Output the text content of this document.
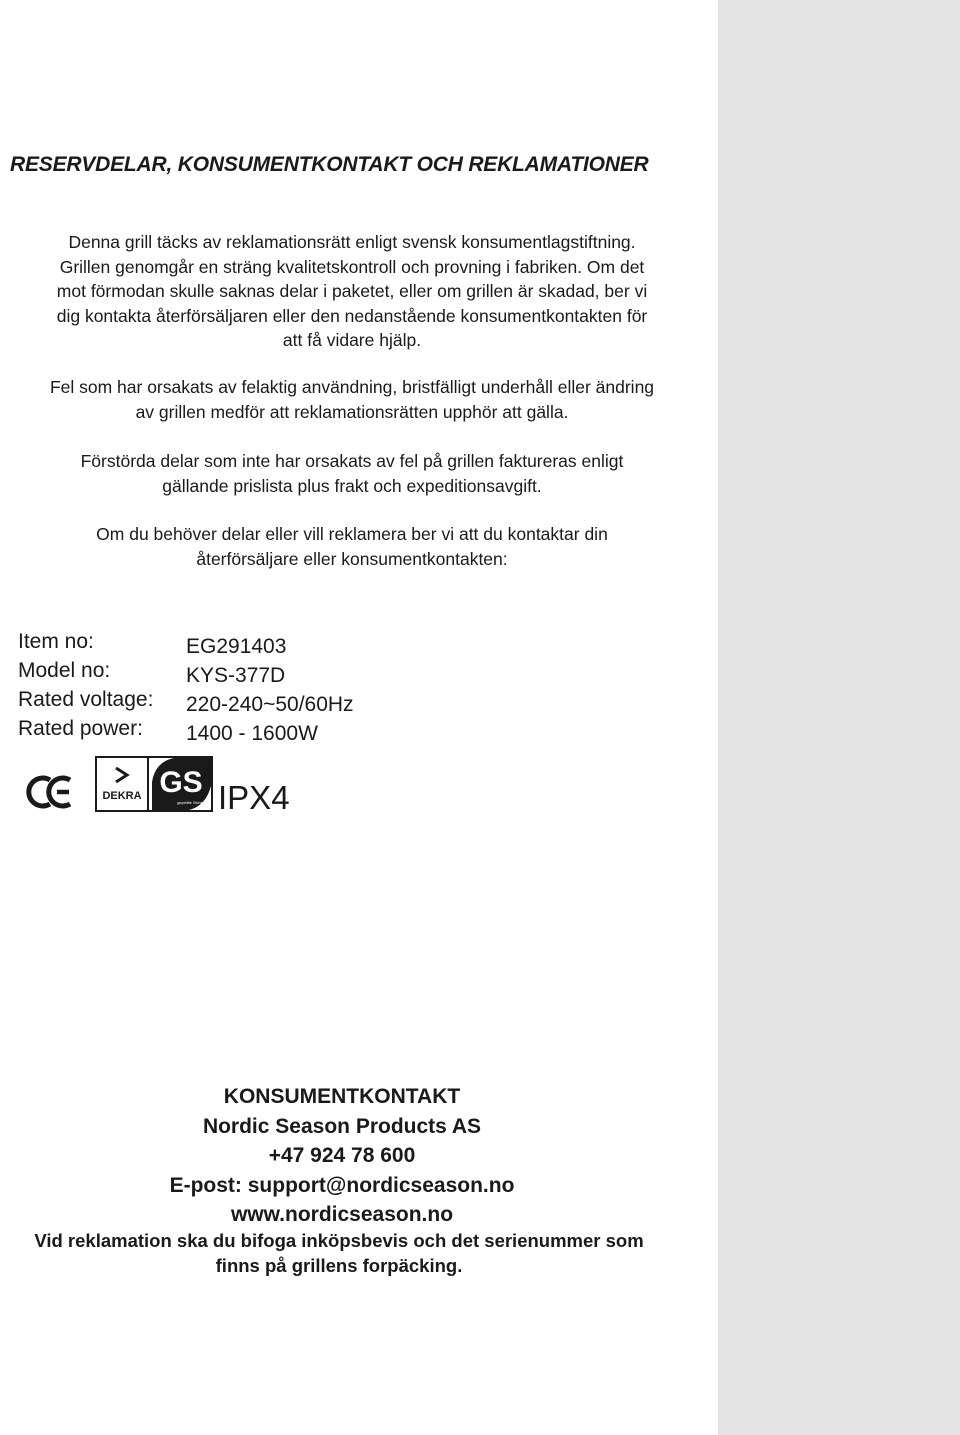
RESERVDELAR, KONSUMENTKONTAKT OCH REKLAMATIONER

Denna grill täcks av reklamationsrätt enligt svensk konsumentlagstiftning.
Grillen genomgår en sträng kvalitetskontroll och provning i fabriken. Om det
mot förmodan skulle saknas delar i paketet, eller om grillen är skadad, ber vi
dig kontakta återförsäljaren eller den nedanstående konsumentkontakten för
att få vidare hjälp.

Fel som har orsakats av felaktig användning, bristfälligt underhåll eller ändring
av grillen medför att reklamationsrätten upphör att gälla.

Förstörda delar som inte har orsakats av fel på grillen faktureras enligt
gällande prislista plus frakt och expeditionsavgift.

Om du behöver delar eller vill reklamera ber vi att du kontaktar din
återförsäljare eller konsumentkontakten:

Item no:	EG291403
Model no:	KYS-377D
Rated voltage: 220-240~50/60Hz
Rated power: 1400 - 1600W
DEKRA GS
geprüfte Sicherheit IPX4
CE
KONSUMENTKONTAKT
Nordic Season Products AS
+47 924 78 600
E-post: support@nordicseason.no
www.nordicseason.no
Vid reklamation ska du bifoga inköpsbevis och det serienummer som
finns på grillens forpäcking.
